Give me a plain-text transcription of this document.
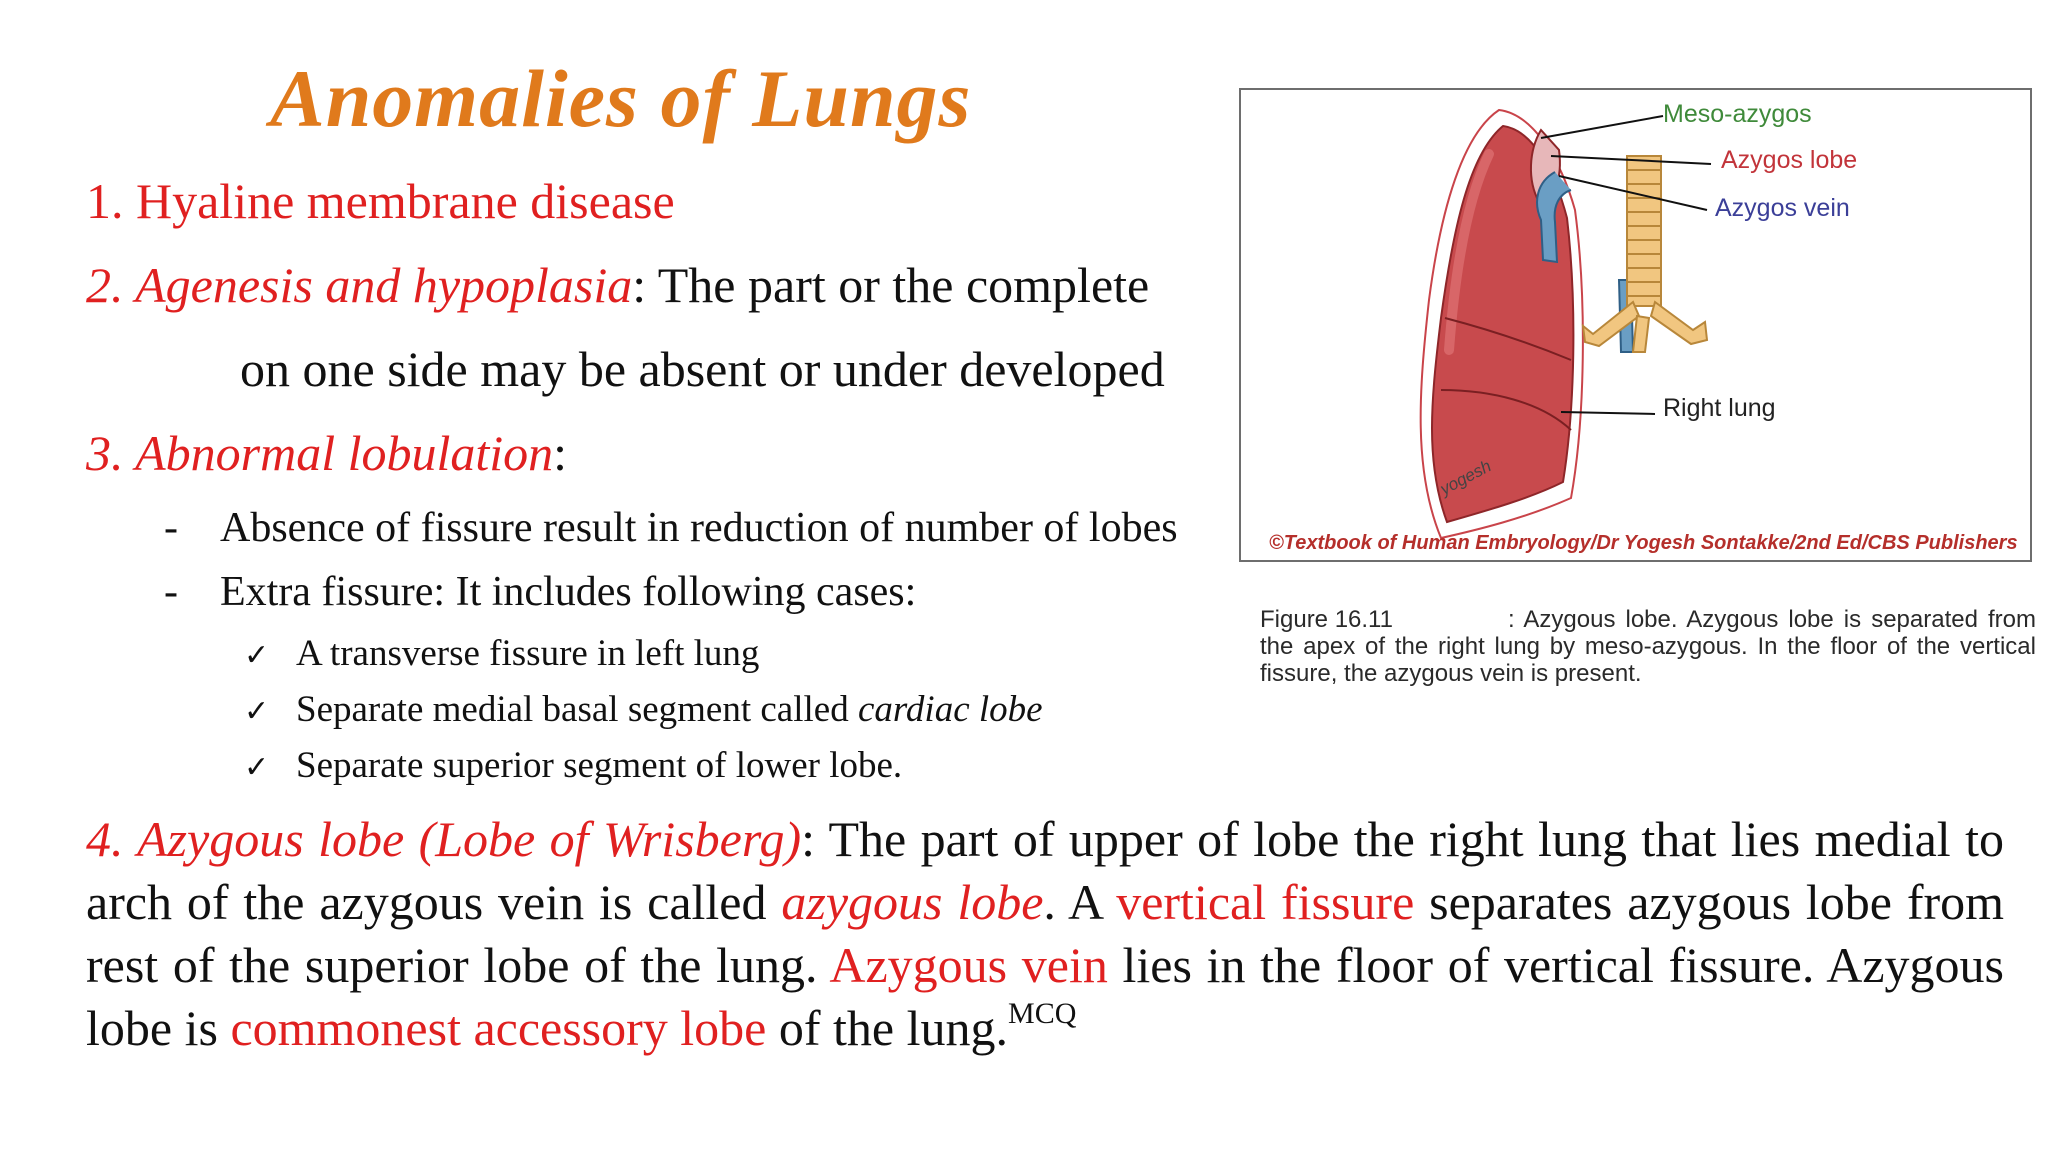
Anomalies of Lungs
1. Hyaline membrane disease
2. Agenesis and hypoplasia: The part or the complete
on one side may be absent or under developed
3. Abnormal lobulation:
- Absence of fissure result in reduction of number of lobes
- Extra fissure: It includes following cases:
✓ A transverse fissure in left lung
✓ Separate medial basal segment called cardiac lobe
✓ Separate superior segment of lower lobe.
Meso-azygos
Azygos lobe
Azygos vein
Right lung
yogesh
©Textbook of Human Embryology/Dr Yogesh Sontakke/2nd Ed/CBS Publishers
Figure 16.11	: Azygous lobe. Azygous lobe is separated from the apex of the right lung by meso-azygous. In the floor of the vertical fissure, the azygous vein is present.
4. Azygous lobe (Lobe of Wrisberg): The part of upper of lobe the right lung that lies medial to arch of the azygous vein is called azygous lobe. A vertical fissure separates azygous lobe from rest of the superior lobe of the lung. Azygous vein lies in the floor of vertical fissure. Azygous lobe is commonest accessory lobe of the lung.$^{MCQ}$
